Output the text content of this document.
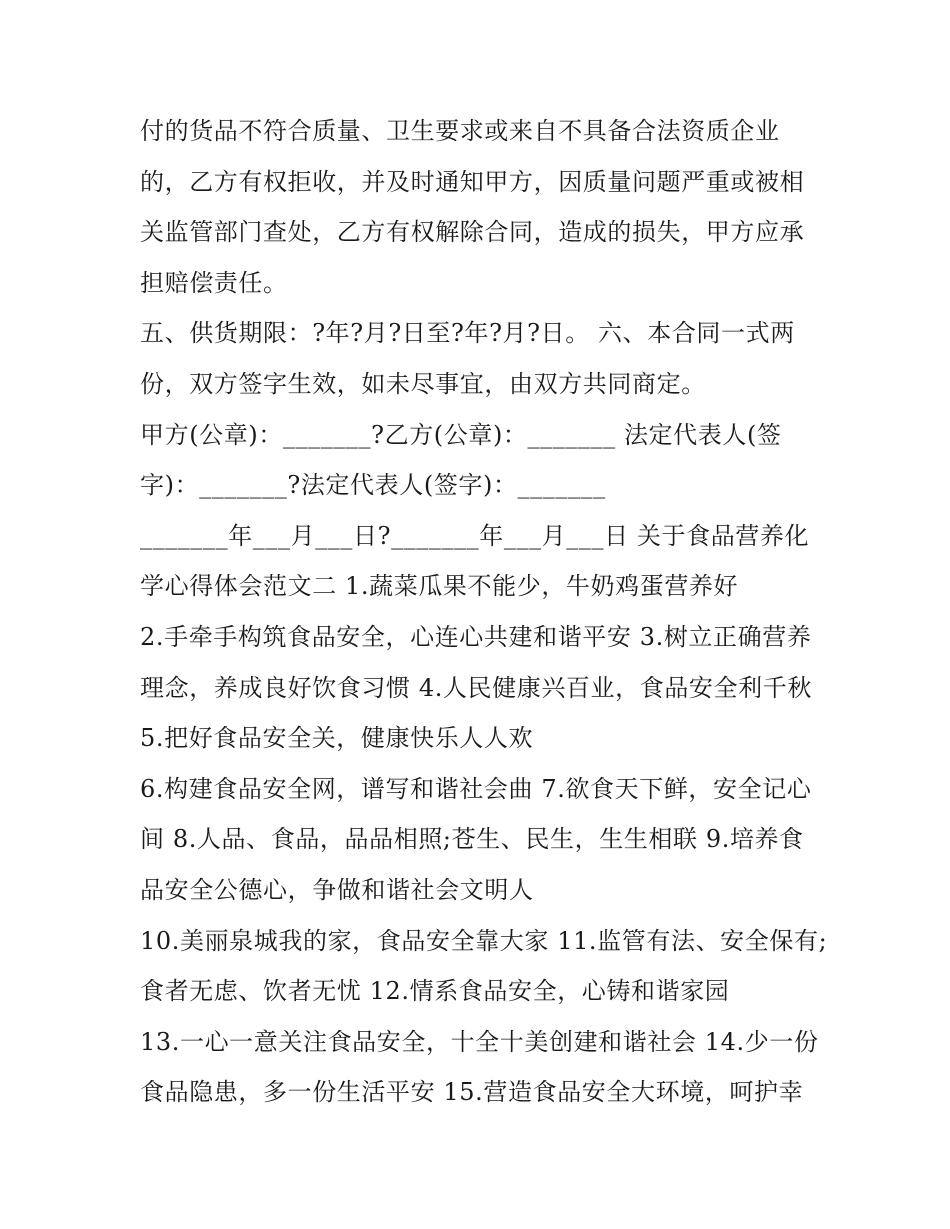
付的货品不符合质量、卫生要求或来自不具备合法资质企业
的，乙方有权拒收，并及时通知甲方，因质量问题严重或被相
关监管部门查处，乙方有权解除合同，造成的损失，甲方应承
担赔偿责任。
五、供货期限：?年?月?日至?年?月?日。 六、本合同一式两
份，双方签字生效，如未尽事宜，由双方共同商定。
甲方(公章)：_______?乙方(公章)：_______ 法定代表人(签
字)：_______?法定代表人(签字)：_______
_______年___月___日?_______年___月___日 关于食品营养化
学心得体会范文二 1.蔬菜瓜果不能少，牛奶鸡蛋营养好
2.手牵手构筑食品安全，心连心共建和谐平安 3.树立正确营养
理念，养成良好饮食习惯 4.人民健康兴百业，食品安全利千秋
5.把好食品安全关，健康快乐人人欢
6.构建食品安全网，谱写和谐社会曲 7.欲食天下鲜，安全记心
间 8.人品、食品，品品相照;苍生、民生，生生相联 9.培养食
品安全公德心，争做和谐社会文明人
10.美丽泉城我的家，食品安全靠大家 11.监管有法、安全保有;
食者无虑、饮者无忧 12.情系食品安全，心铸和谐家园
13.一心一意关注食品安全，十全十美创建和谐社会 14.少一份
食品隐患，多一份生活平安 15.营造食品安全大环境，呵护幸
